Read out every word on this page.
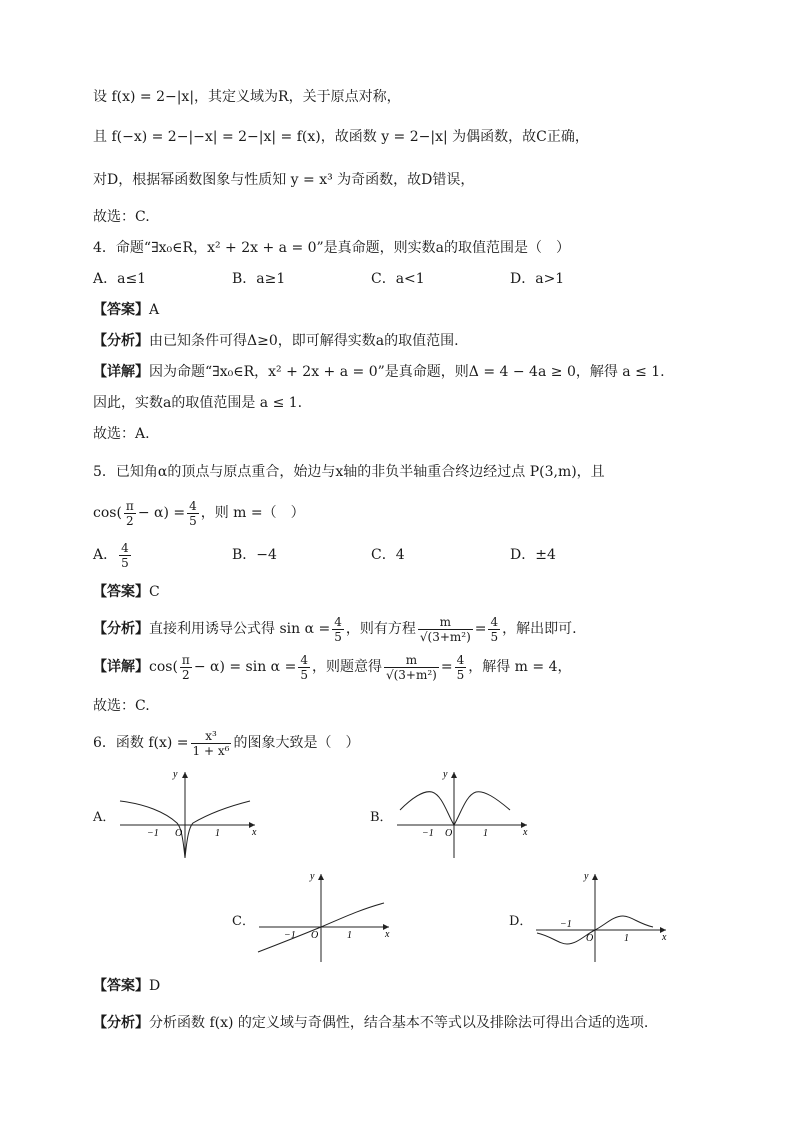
设 f(x) = 2−|x|，其定义域为R，关于原点对称，
且 f(−x) = 2−|−x| = 2−|x| = f(x)，故函数 y = 2−|x| 为偶函数，故C正确，
对D，根据幂函数图象与性质知 y = x³ 为奇函数，故D错误，
故选：C.
4．命题“∃x₀∈R，x² + 2x + a = 0”是真命题，则实数a的取值范围是（　）
A．a≤1	B．a≥1	C．a<1	D．a>1
【答案】A
【分析】由已知条件可得Δ≥0，即可解得实数a的取值范围.
【详解】因为命题“∃x₀∈R，x² + 2x + a = 0”是真命题，则Δ = 4 − 4a ≥ 0，解得 a ≤ 1.
因此，实数a的取值范围是 a ≤ 1.
故选：A.
5．已知角α的顶点与原点重合，始边与x轴的非负半轴重合终边经过点 P(3,m)，且
$\cos( \frac{\pi}{2} - \alpha) = \frac{4}{5}$ ，则 m =（　）
A． $\frac{4}{5}$	B．−4	C．4	D．±4
【答案】C
【分析】直接利用诱导公式得 $\sin \alpha = \frac{4}{5}$ ，则有方程 $\frac{m}{\text{√(3+m²)}} = \frac{4}{5}$ ，解出即可.
【详解】$\cos( \frac{\pi}{2} - \alpha) = \sin \alpha = \frac{4}{5}$ ，则题意得 $\frac{m}{\text{√(3+m²)}} = \frac{4}{5}$ ，解得 m = 4，
故选：C.
6．函数 $f(x) = \frac{\text{x³}}{\text{1 + x⁶}}$ 的图象大致是（　）
A．
x
y
O
−1	1
B．
x
y
O
−1	1
C．
x
y
O
−1	1
D．
x
y
O
−1
1
【答案】D
【分析】分析函数 f(x) 的定义域与奇偶性，结合基本不等式以及排除法可得出合适的选项.
